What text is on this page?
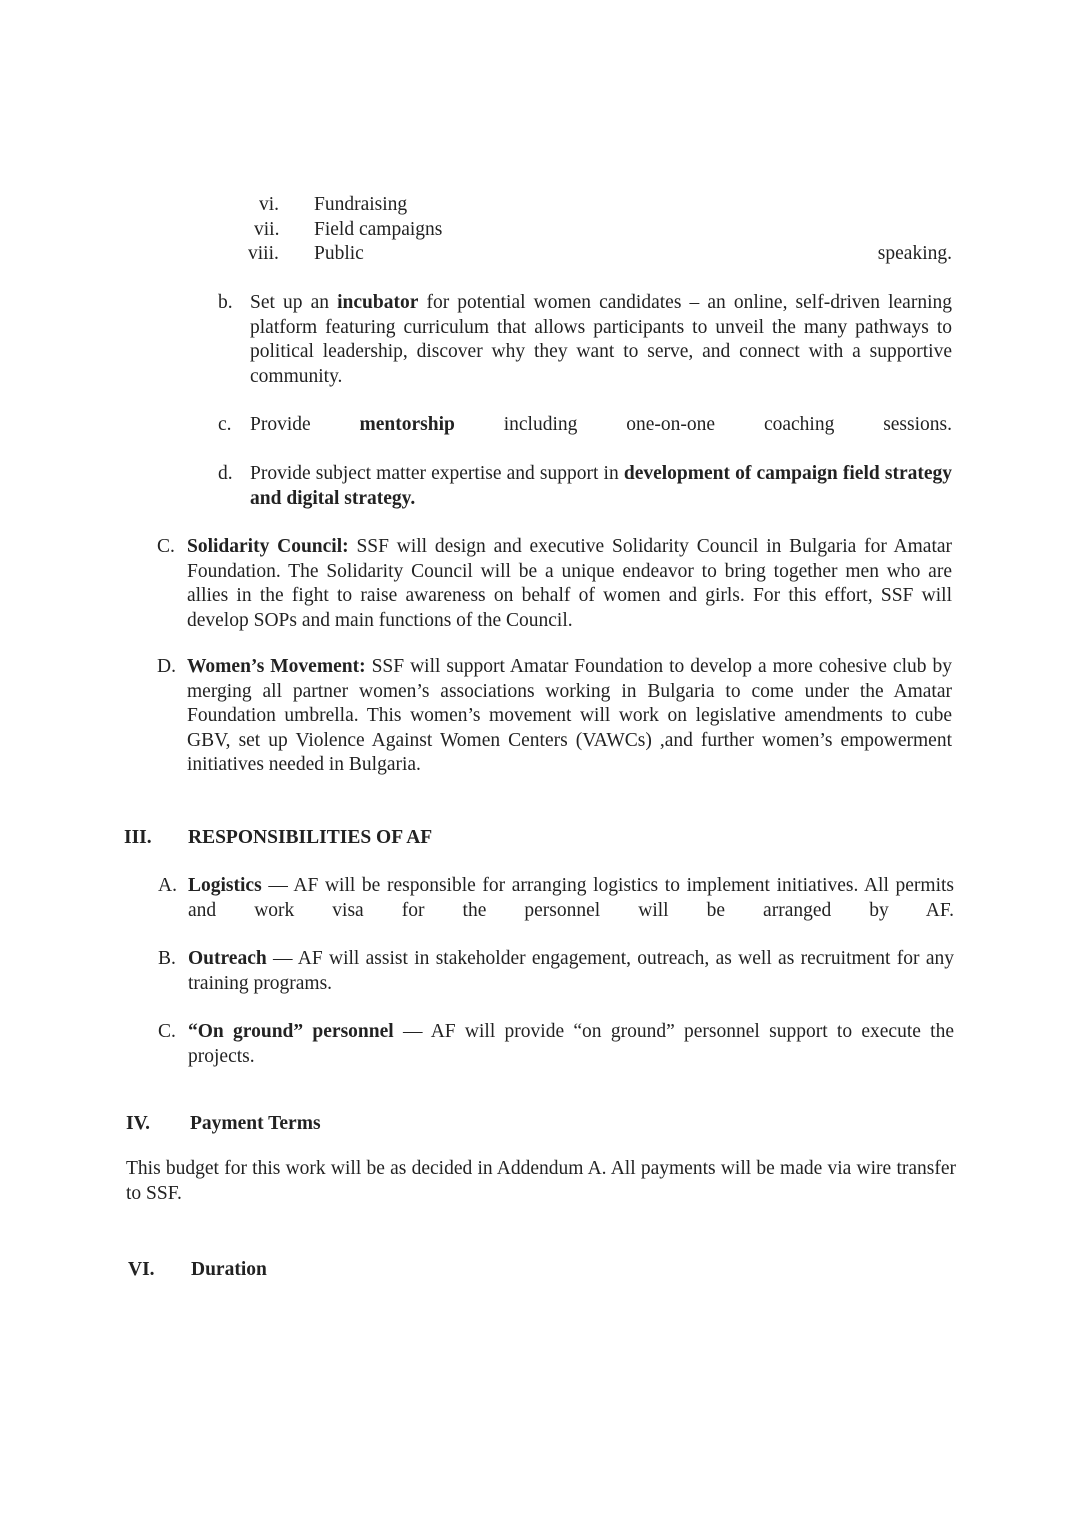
vi. Fundraising
vii. Field campaigns
viii. Public	speaking.
b. Set up an incubator for potential women candidates – an online, self-driven learning platform featuring curriculum that allows participants to unveil the many pathways to political leadership, discover why they want to serve, and connect with a supportive community.
c. Provide	mentorship	including	one-on-one	coaching	sessions.
d. Provide subject matter expertise and support in development of campaign field strategy and digital strategy.
C. Solidarity Council: SSF will design and executive Solidarity Council in Bulgaria for Amatar Foundation. The Solidarity Council will be a unique endeavor to bring together men who are allies in the fight to raise awareness on behalf of women and girls. For this effort, SSF will develop SOPs and main functions of the Council.
D. Women’s Movement: SSF will support Amatar Foundation to develop a more cohesive club by merging all partner women’s associations working in Bulgaria to come under the Amatar Foundation umbrella. This women’s movement will work on legislative amendments to cube GBV, set up Violence Against Women Centers (VAWCs) ,and further women’s empowerment initiatives needed in Bulgaria.
III. RESPONSIBILITIES OF AF
A. Logistics — AF will be responsible for arranging logistics to implement initiatives. All permits and work visa for the personnel will be arranged by AF.
B. Outreach — AF will assist in stakeholder engagement, outreach, as well as recruitment for any training programs.
C. “On ground” personnel — AF will provide “on ground” personnel support to execute the projects.
IV. Payment Terms
This budget for this work will be as decided in Addendum A. All payments will be made via wire transfer to SSF.
VI. Duration
